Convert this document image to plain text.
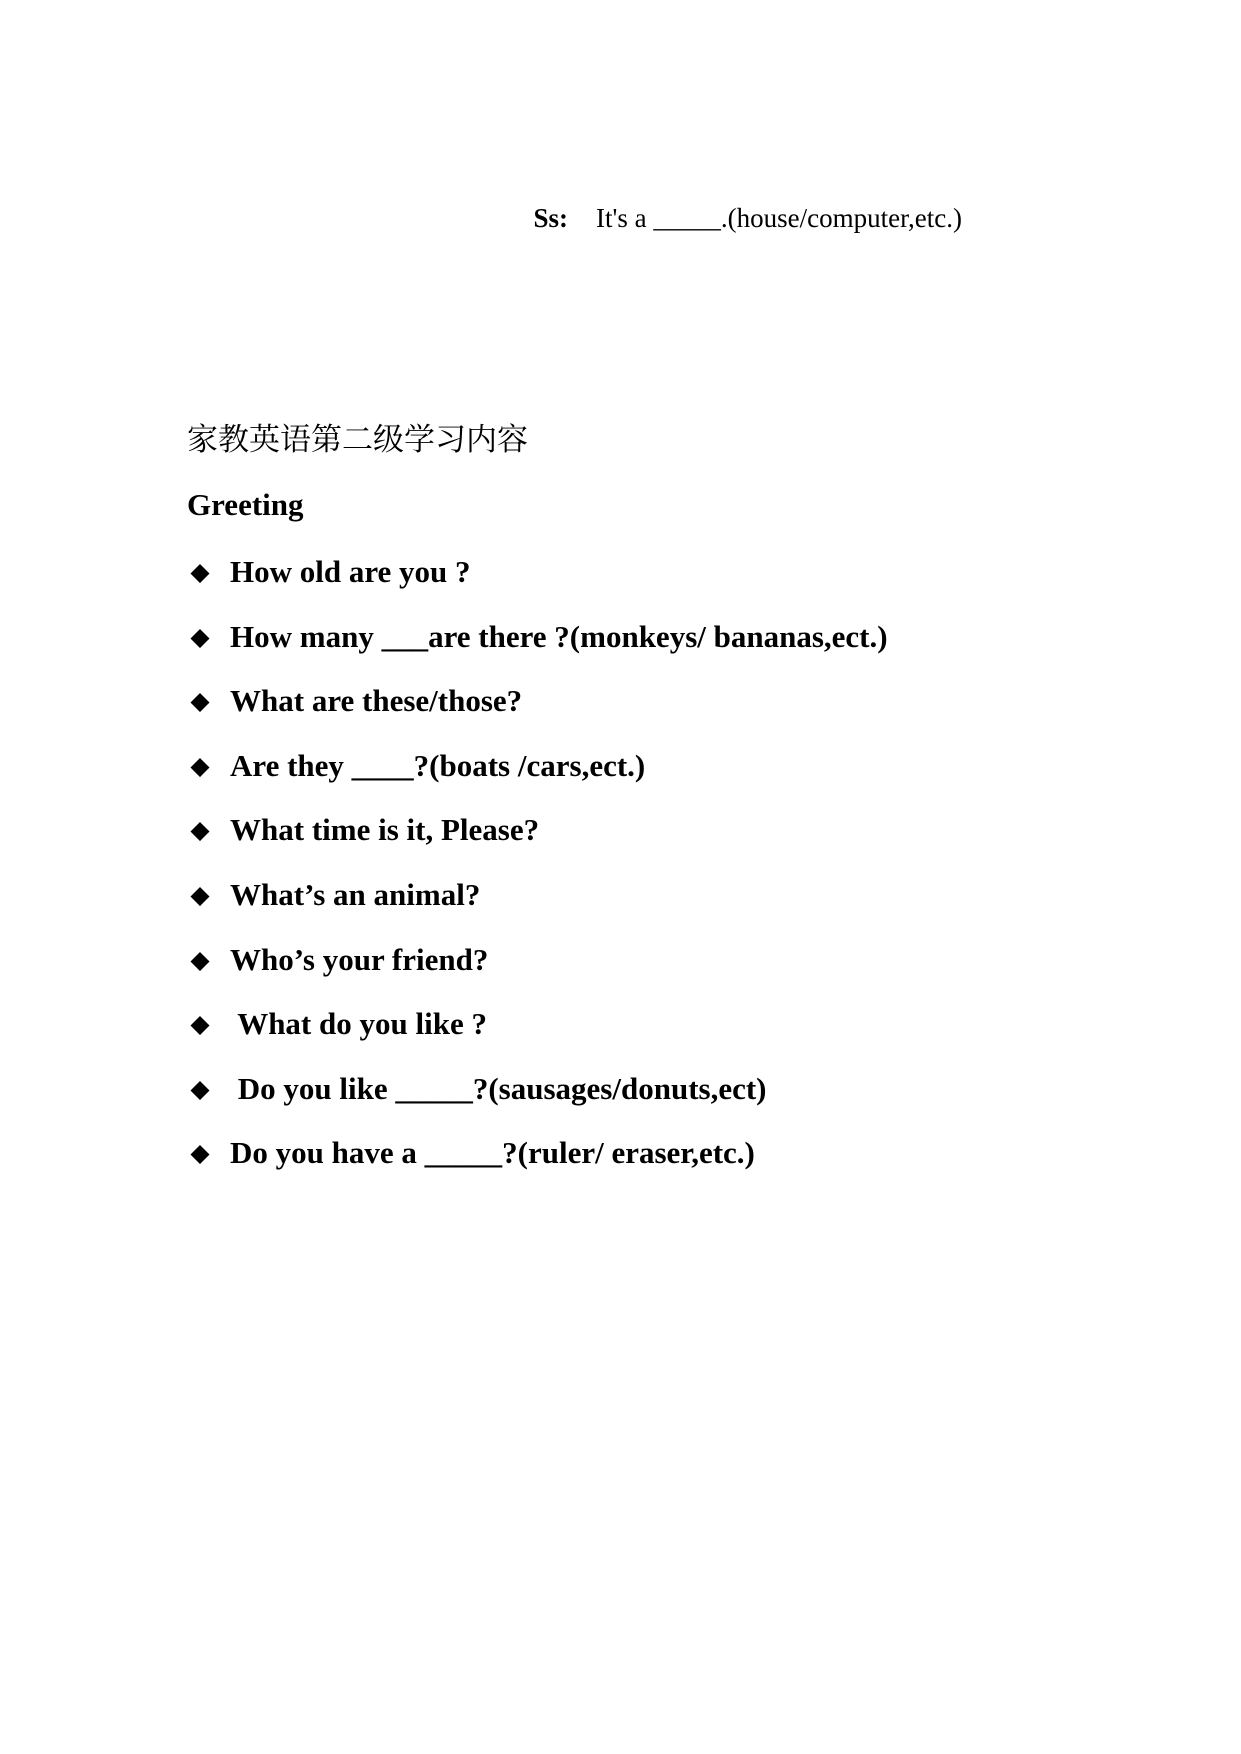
Ss: It's a _____.(house/computer,etc.)

家教英语第二级学习内容
Greeting
◆ How old are you ?
◆ How many ___are there ?(monkeys/ bananas,ect.)
◆ What are these/those?
◆ Are they ____?(boats /cars,ect.)
◆ What time is it, Please?
◆ What’s an animal?
◆ Who’s your friend?
◆ What do you like ?
◆ Do you like _____?(sausages/donuts,ect)
◆ Do you have a _____?(ruler/ eraser,etc.)
